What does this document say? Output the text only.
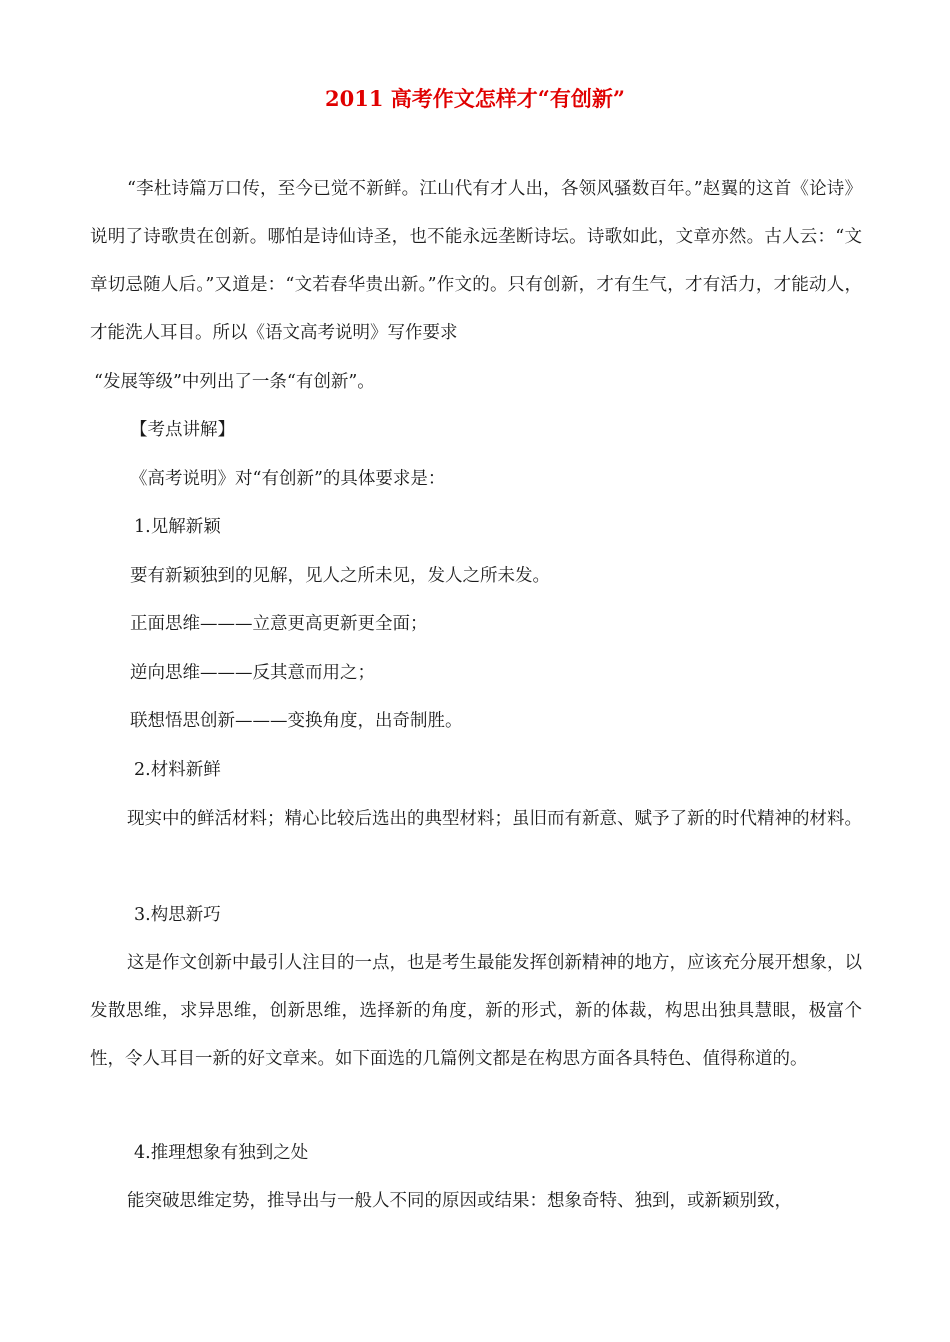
2011 高考作文怎样才“有创新”

“李杜诗篇万口传，至今已觉不新鲜。江山代有才人出，各领风骚数百年。”赵翼的这首《论诗》说明了诗歌贵在创新。哪怕是诗仙诗圣，也不能永远垄断诗坛。诗歌如此，文章亦然。古人云：“文章切忌随人后。”又道是：“文若春华贵出新。”作文的。只有创新，才有生气，才有活力，才能动人，才能洗人耳目。所以《语文高考说明》写作要求

“发展等级”中列出了一条“有创新”。

【考点讲解】

《高考说明》对“有创新”的具体要求是：

1.见解新颖

要有新颖独到的见解，见人之所未见，发人之所未发。

正面思维———立意更高更新更全面；

逆向思维———反其意而用之；

联想悟思创新———变换角度，出奇制胜。

2.材料新鲜

现实中的鲜活材料；精心比较后选出的典型材料；虽旧而有新意、赋予了新的时代精神的材料。

3.构思新巧

这是作文创新中最引人注目的一点，也是考生最能发挥创新精神的地方，应该充分展开想象，以发散思维，求异思维，创新思维，选择新的角度，新的形式，新的体裁，构思出独具慧眼，极富个性，令人耳目一新的好文章来。如下面选的几篇例文都是在构思方面各具特色、值得称道的。

4.推理想象有独到之处

能突破思维定势，推导出与一般人不同的原因或结果：想象奇特、独到，或新颖别致，
